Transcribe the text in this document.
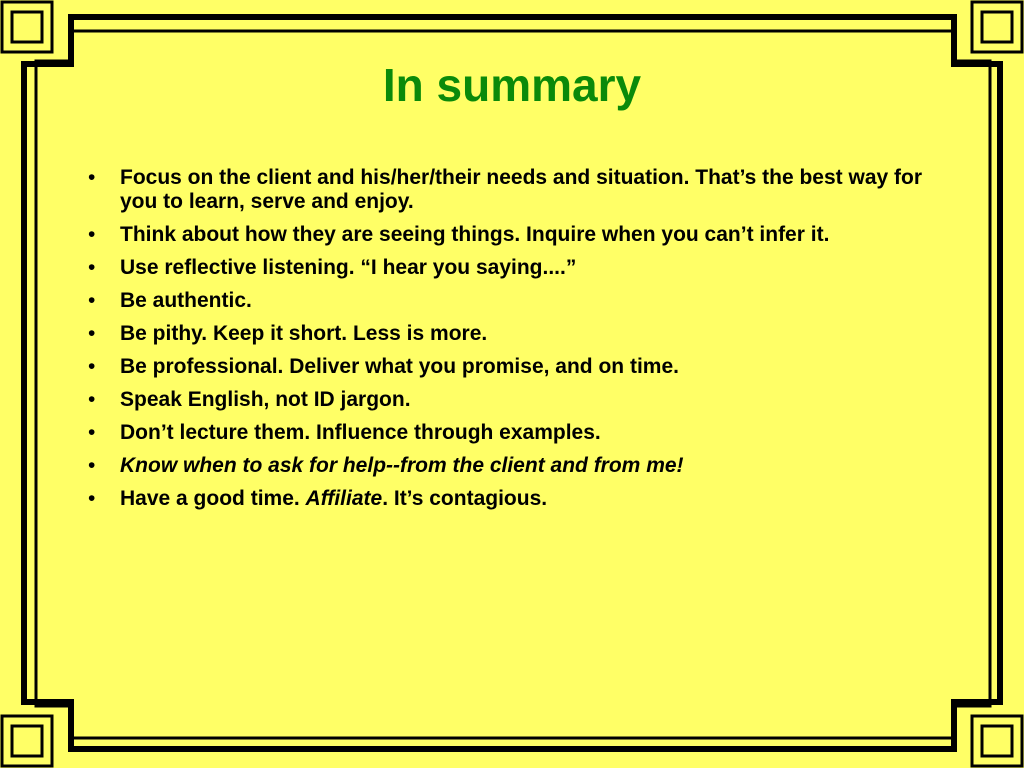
In summary
• Focus on the client and his/her/their needs and situation. That’s the best way for you to learn, serve and enjoy.
• Think about how they are seeing things. Inquire when you can’t infer it.
• Use reflective listening. “I hear you saying....”
• Be authentic.
• Be pithy. Keep it short. Less is more.
• Be professional. Deliver what you promise, and on time.
• Speak English, not ID jargon.
• Don’t lecture them. Influence through examples.
• Know when to ask for help--from the client and from me!
• Have a good time. Affiliate. It’s contagious.
